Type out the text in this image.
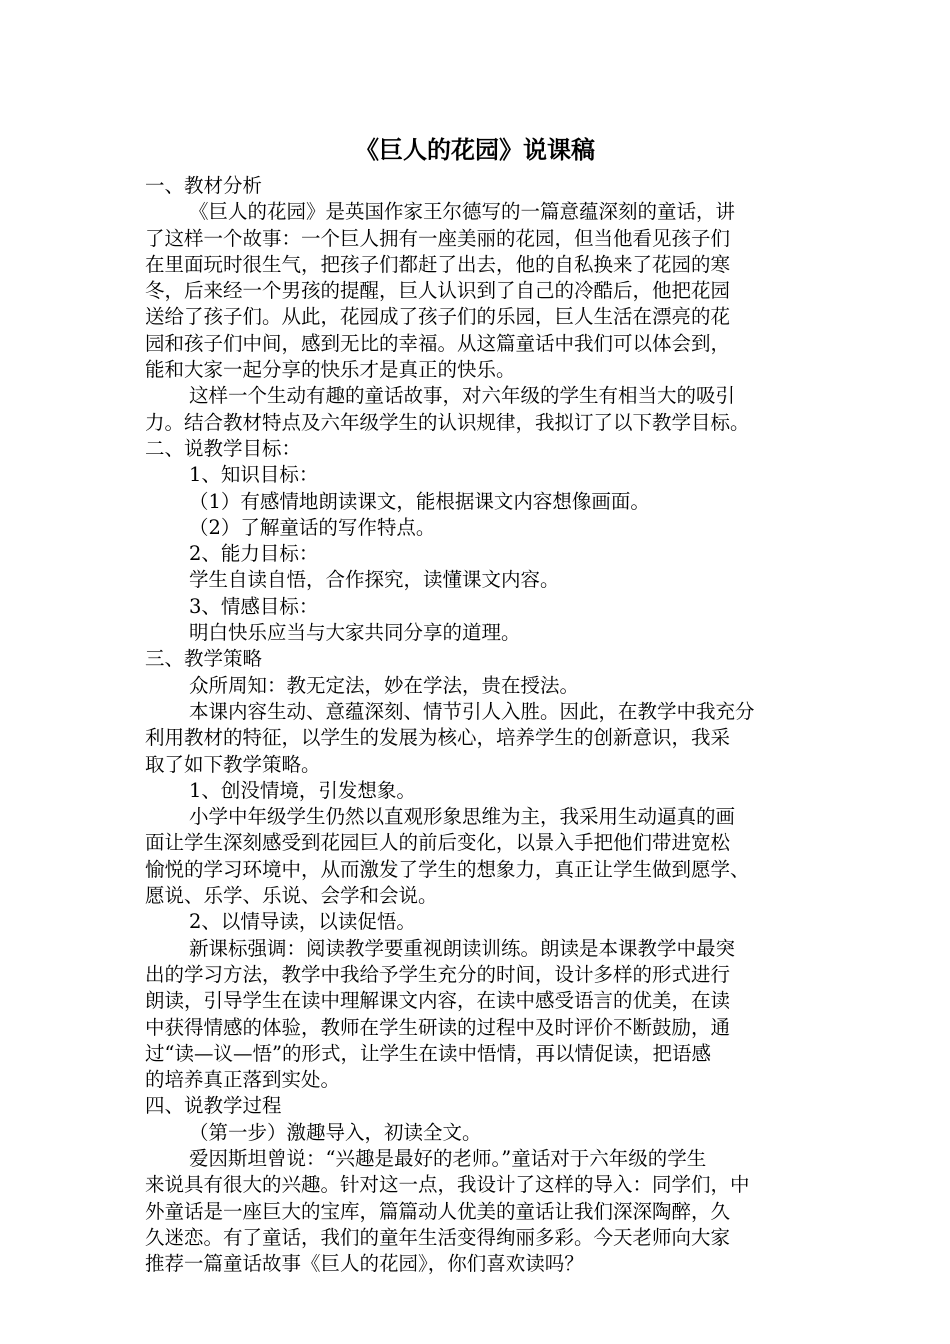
《巨人的花园》说课稿
一、教材分析
《巨人的花园》是英国作家王尔德写的一篇意蕴深刻的童话，讲
了这样一个故事：一个巨人拥有一座美丽的花园，但当他看见孩子们
在里面玩时很生气，把孩子们都赶了出去，他的自私换来了花园的寒
冬，后来经一个男孩的提醒，巨人认识到了自己的冷酷后，他把花园
送给了孩子们。从此，花园成了孩子们的乐园，巨人生活在漂亮的花
园和孩子们中间，感到无比的幸福。从这篇童话中我们可以体会到，
能和大家一起分享的快乐才是真正的快乐。
这样一个生动有趣的童话故事，对六年级的学生有相当大的吸引
力。结合教材特点及六年级学生的认识规律，我拟订了以下教学目标。
二、说教学目标：
1、知识目标：
（1）有感情地朗读课文，能根据课文内容想像画面。
（2）了解童话的写作特点。
2、能力目标：
学生自读自悟，合作探究，读懂课文内容。
3、情感目标：
明白快乐应当与大家共同分享的道理。
三、教学策略
众所周知：教无定法，妙在学法，贵在授法。
本课内容生动、意蕴深刻、情节引人入胜。因此，在教学中我充分
利用教材的特征，以学生的发展为核心，培养学生的创新意识，我采
取了如下教学策略。
1、创没情境，引发想象。
小学中年级学生仍然以直观形象思维为主，我采用生动逼真的画
面让学生深刻感受到花园巨人的前后变化，以景入手把他们带进宽松
愉悦的学习环境中，从而激发了学生的想象力，真正让学生做到愿学、
愿说、乐学、乐说、会学和会说。
2、以情导读，以读促悟。
新课标强调：阅读教学要重视朗读训练。朗读是本课教学中最突
出的学习方法，教学中我给予学生充分的时间，设计多样的形式进行
朗读，引导学生在读中理解课文内容，在读中感受语言的优美，在读
中获得情感的体验，教师在学生研读的过程中及时评价不断鼓励，通
过“读—议—悟”的形式，让学生在读中悟情，再以情促读，把语感
的培养真正落到实处。
四、说教学过程
（第一步）激趣导入，初读全文。
爱因斯坦曾说：“兴趣是最好的老师。”童话对于六年级的学生
来说具有很大的兴趣。针对这一点，我设计了这样的导入：同学们，中
外童话是一座巨大的宝库，篇篇动人优美的童话让我们深深陶醉，久
久迷恋。有了童话，我们的童年生活变得绚丽多彩。今天老师向大家
推荐一篇童话故事《巨人的花园》，你们喜欢读吗？
